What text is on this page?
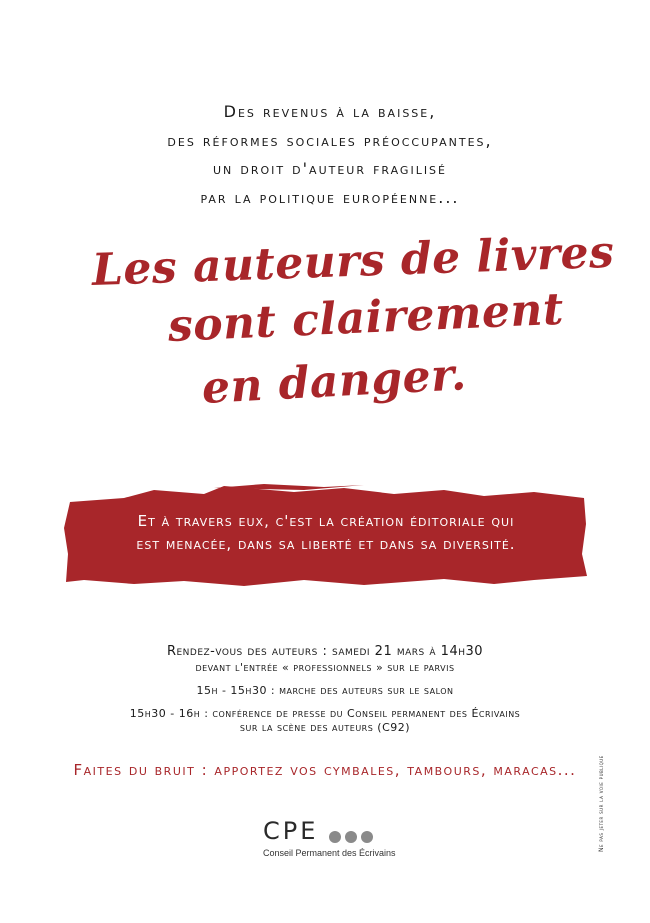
Des revenus à la baisse,
des réformes sociales préoccupantes,
un droit d'auteur fragilisé
par la politique européenne...
Les auteurs de livres
sont clairement
en danger.
Et à travers eux, c'est la création éditoriale qui
est menacée, dans sa liberté et dans sa diversité.
Rendez-vous des auteurs : samedi 21 mars à 14h30
devant l'entrée « professionnels » sur le parvis
15h - 15h30 : marche des auteurs sur le salon
15h30 - 16h : conférence de presse du Conseil permanent des Écrivains
sur la scène des auteurs (C92)
Faites du bruit : apportez vos cymbales, tambours, maracas...
CPE
Conseil Permanent des Écrivains
Ne pas jeter sur la voie publique
